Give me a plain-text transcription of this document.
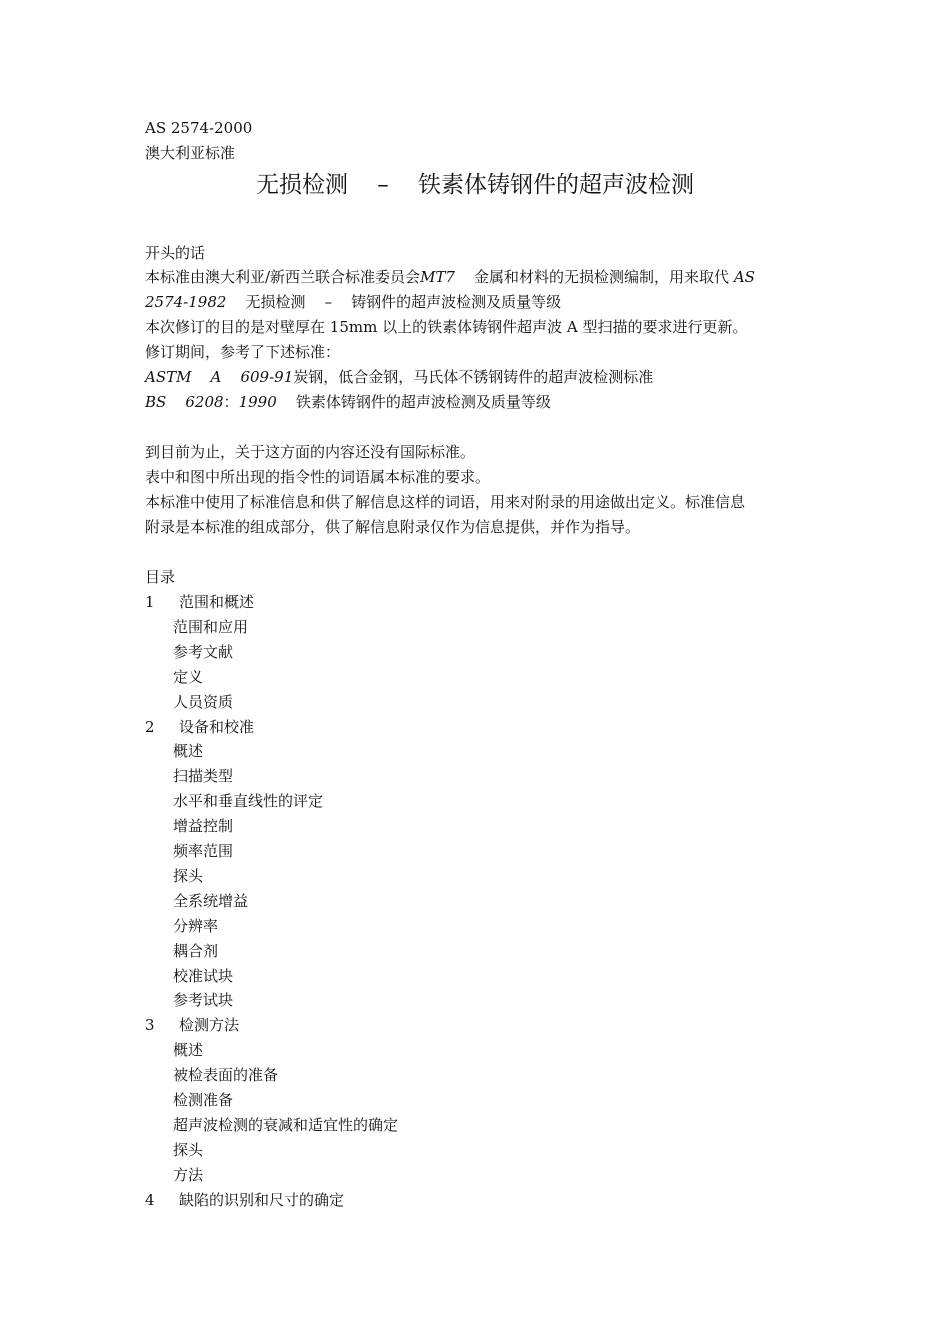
AS 2574-2000
澳大利亚标准
无损检测    –    铁素体铸钢件的超声波检测
开头的话
本标准由澳大利亚/新西兰联合标准委员会MT7    金属和材料的无损检测编制，用来取代 AS
2574-1982    无损检测    –    铸钢件的超声波检测及质量等级
本次修订的目的是对壁厚在 15mm 以上的铁素体铸钢件超声波 A 型扫描的要求进行更新。
修订期间，参考了下述标准：
ASTM    A    609-91炭钢，低合金钢，马氏体不锈钢铸件的超声波检测标准
BS    6208：1990    铁素体铸钢件的超声波检测及质量等级
到目前为止，关于这方面的内容还没有国际标准。
表中和图中所出现的指令性的词语属本标准的要求。
本标准中使用了标准信息和供了解信息这样的词语，用来对附录的用途做出定义。标准信息
附录是本标准的组成部分，供了解信息附录仅作为信息提供，并作为指导。
目录
1 范围和概述
范围和应用
参考文献
定义
人员资质
2 设备和校准
概述
扫描类型
水平和垂直线性的评定
增益控制
频率范围
探头
全系统增益
分辨率
耦合剂
校准试块
参考试块
3 检测方法
概述
被检表面的准备
检测准备
超声波检测的衰减和适宜性的确定
探头
方法
4 缺陷的识别和尺寸的确定
